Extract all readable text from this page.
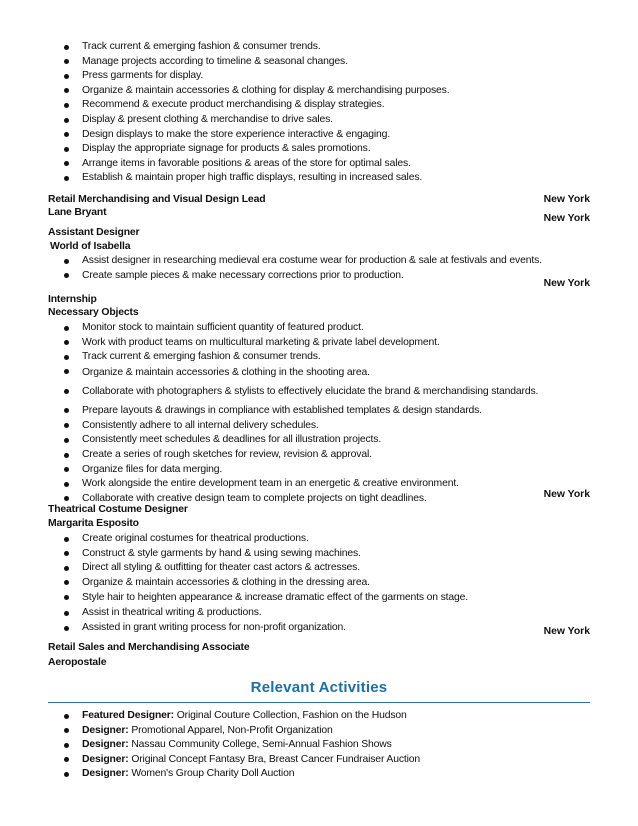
Track current & emerging fashion & consumer trends.
Manage projects according to timeline & seasonal changes.
Press garments for display.
Organize & maintain accessories & clothing for display & merchandising purposes.
Recommend & execute product merchandising & display strategies.
Display & present clothing & merchandise to drive sales.
Design displays to make the store experience interactive & engaging.
Display the appropriate signage for products & sales promotions.
Arrange items in favorable positions & areas of the store for optimal sales.
Establish & maintain proper high traffic displays, resulting in increased sales.
Retail Merchandising and Visual Design Lead	New York
Lane Bryant
New York
Assistant Designer
World of Isabella
Assist designer in researching medieval era costume wear for production & sale at festivals and events.
Create sample pieces & make necessary corrections prior to production.
New York
Internship
Necessary Objects
Monitor stock to maintain sufficient quantity of featured product.
Work with product teams on multicultural marketing & private label development.
Track current & emerging fashion & consumer trends.
Organize & maintain accessories & clothing in the shooting area.
Collaborate with photographers & stylists to effectively elucidate the brand & merchandising standards.
Prepare layouts & drawings in compliance with established templates & design standards.
Consistently adhere to all internal delivery schedules.
Consistently meet schedules & deadlines for all illustration projects.
Create a series of rough sketches for review, revision & approval.
Organize files for data merging.
Work alongside the entire development team in an energetic & creative environment.
Collaborate with creative design team to complete projects on tight deadlines.	New York
Theatrical Costume Designer
Margarita Esposito
Create original costumes for theatrical productions.
Construct & style garments by hand & using sewing machines.
Direct all styling & outfitting for theater cast actors & actresses.
Organize & maintain accessories & clothing in the dressing area.
Style hair to heighten appearance & increase dramatic effect of the garments on stage.
Assist in theatrical writing & productions.
Assisted in grant writing process for non-profit organization.	New York
Retail Sales and Merchandising Associate
Aeropostale
Relevant Activities
Featured Designer: Original Couture Collection, Fashion on the Hudson
Designer: Promotional Apparel, Non-Profit Organization
Designer: Nassau Community College, Semi-Annual Fashion Shows
Designer: Original Concept Fantasy Bra, Breast Cancer Fundraiser Auction
Designer: Women's Group Charity Doll Auction
